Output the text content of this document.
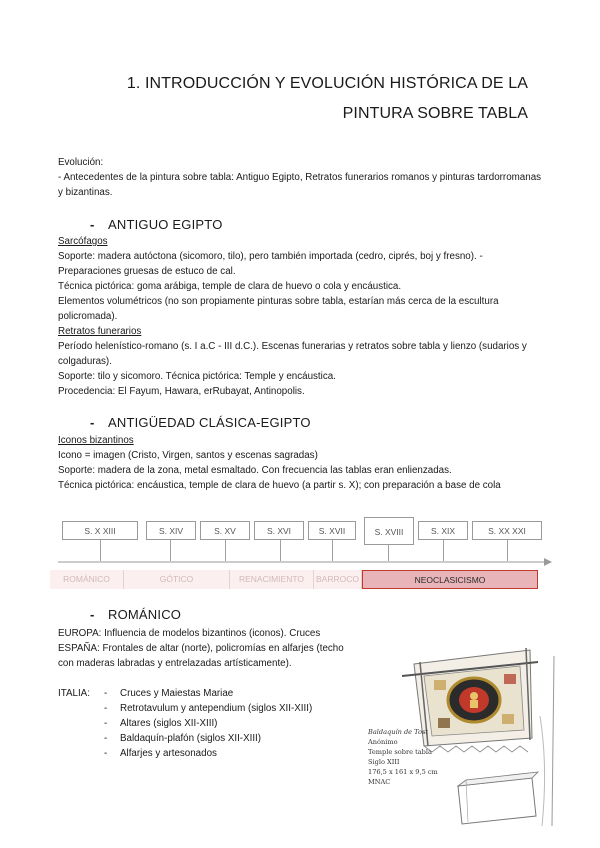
1. INTRODUCCIÓN Y EVOLUCIÓN HISTÓRICA DE LA
PINTURA SOBRE TABLA
Evolución:
- Antecedentes de la pintura sobre tabla: Antiguo Egipto, Retratos funerarios romanos y pinturas tardorromanas y bizantinas.
- ANTIGUO EGIPTO
Sarcófagos
Soporte: madera autóctona (sicomoro, tilo), pero también importada (cedro, ciprés, boj y fresno). - Preparaciones gruesas de estuco de cal.
Técnica pictórica: goma arábiga, temple de clara de huevo o cola y encáustica.
Elementos volumétricos (no son propiamente pinturas sobre tabla, estarían más cerca de la escultura policromada).
Retratos funerarios
Período helenístico-romano (s. I a.C - III d.C.). Escenas funerarias y retratos sobre tabla y lienzo (sudarios y colgaduras).
Soporte: tilo y sicomoro. Técnica pictórica: Temple y encáustica.
Procedencia: El Fayum, Hawara, erRubayat, Antinopolis.
- ANTIGÜEDAD CLÁSICA-EGIPTO
Iconos bizantinos
Icono = imagen (Cristo, Virgen, santos y escenas sagradas)
Soporte: madera de la zona, metal esmaltado. Con frecuencia las tablas eran enlienzadas.
Técnica pictórica: encáustica, temple de clara de huevo (a partir s. X); con preparación a base de cola
S. X XIII	S. XIV	S. XV	S. XVI	S. XVII	S. XVIII	S. XIX	S. XX XXI
ROMÁNICO	GÓTICO	RENACIMIENTO	BARROCO	NEOCLASICISMO
- ROMÁNICO
EUROPA: Influencia de modelos bizantinos (iconos). Cruces
ESPAÑA: Frontales de altar (norte), policromías en alfarjes (techo con maderas labradas y entrelazadas artísticamente).
ITALIA: - Cruces y Maiestas Mariae
- Retrotavulum y antependium (siglos XII-XIII)
- Altares (siglos XII-XIII)
- Baldaquín-plafón (siglos XII-XIII)
- Alfarjes y artesonados
Baldaquín de Tost
Anónimo
Temple sobre tabla
Siglo XIII
176,5 x 161 x 9,5 cm
MNAC
